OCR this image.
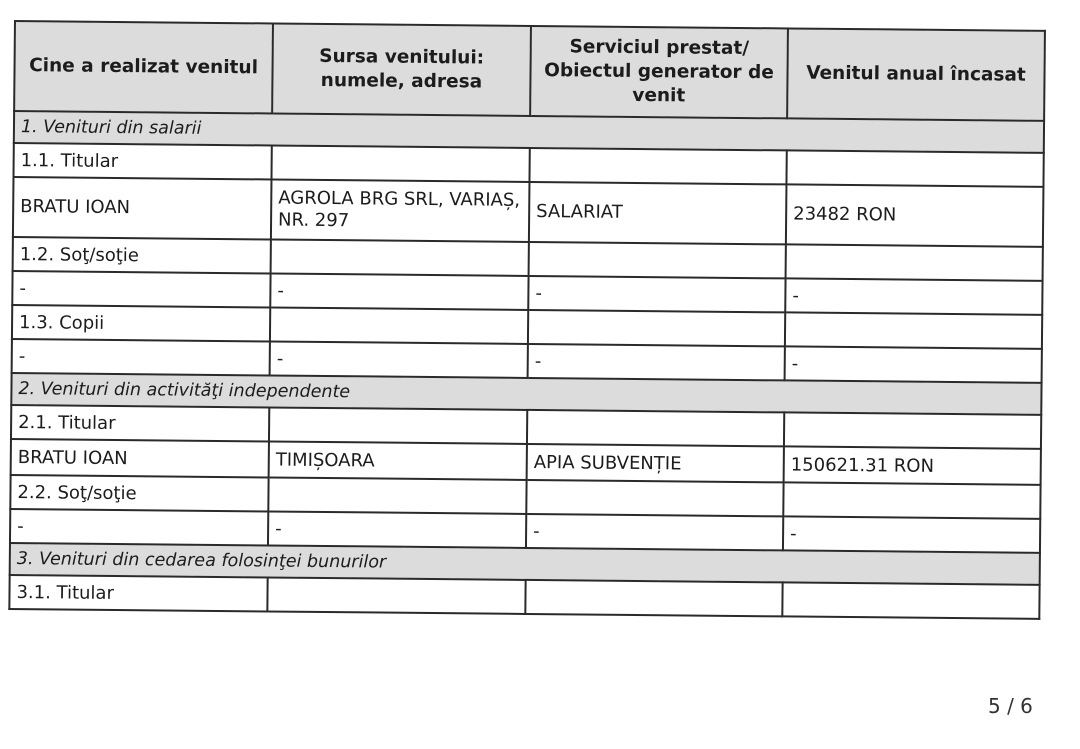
Cine a realizat venitul	Sursa venitului: numele, adresa	Serviciul prestat/ Obiectul generator de venit	Venitul anual încasat
1. Venituri din salarii			
1.1. Titular			
BRATU IOAN	AGROLA BRG SRL, VARIAȘ, NR. 297	SALARIAT	23482 RON
1.2. Soţ/soţie			
-	-	-	-
1.3. Copii			
-	-	-	-
2. Venituri din activităţi independente			
2.1. Titular			
BRATU IOAN	TIMIȘOARA	APIA SUBVENȚIE	150621.31 RON
2.2. Soţ/soţie			
-	-	-	-
3. Venituri din cedarea folosinţei bunurilor			
3.1. Titular			
5 / 6
